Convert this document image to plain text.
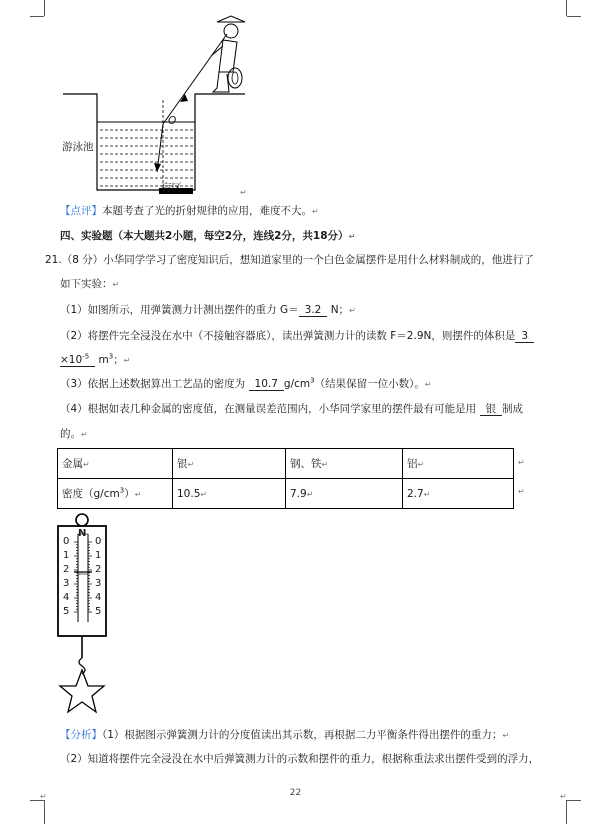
游泳池
O
盲区	↵
【点评】本题考查了光的折射规律的应用，难度不大。↵
四、实验题（本大题共2小题，每空2分，连线2分，共18分）↵
21.（8 分）小华同学学习了密度知识后，想知道家里的一个白色金属摆件是用什么材料制成的，他进行了
如下实验：↵
（1）如图所示，用弹簧测力计测出摆件的重力 G＝ 3.2 N；↵
（2）将摆件完全浸没在水中（不接触容器底），读出弹簧测力计的读数 F＝2.9N，则摆件的体积是 3
$\times 10^{-5}$ $m^3$；↵
（3）依据上述数据算出工艺品的密度为 10.7 $g/cm^3$（结果保留一位小数）。↵
（4）根据如表几种金属的密度值，在测量误差范围内，小华同学家里的摆件最有可能是用 银 制成
的。↵
金属↵	银↵	钢、铁↵	铝↵
密度$(g/cm^3)↵$	10.5↵	7.9↵	2.7↵
↵
↵
N
0
1
2
3
4
5
0
1
2
3
4
5
【分析】（1）根据图示弹簧测力计的分度值读出其示数，再根据二力平衡条件得出摆件的重力；↵
（2）知道将摆件完全浸没在水中后弹簧测力计的示数和摆件的重力，根据称重法求出摆件受到的浮力，
22
↵	↵
